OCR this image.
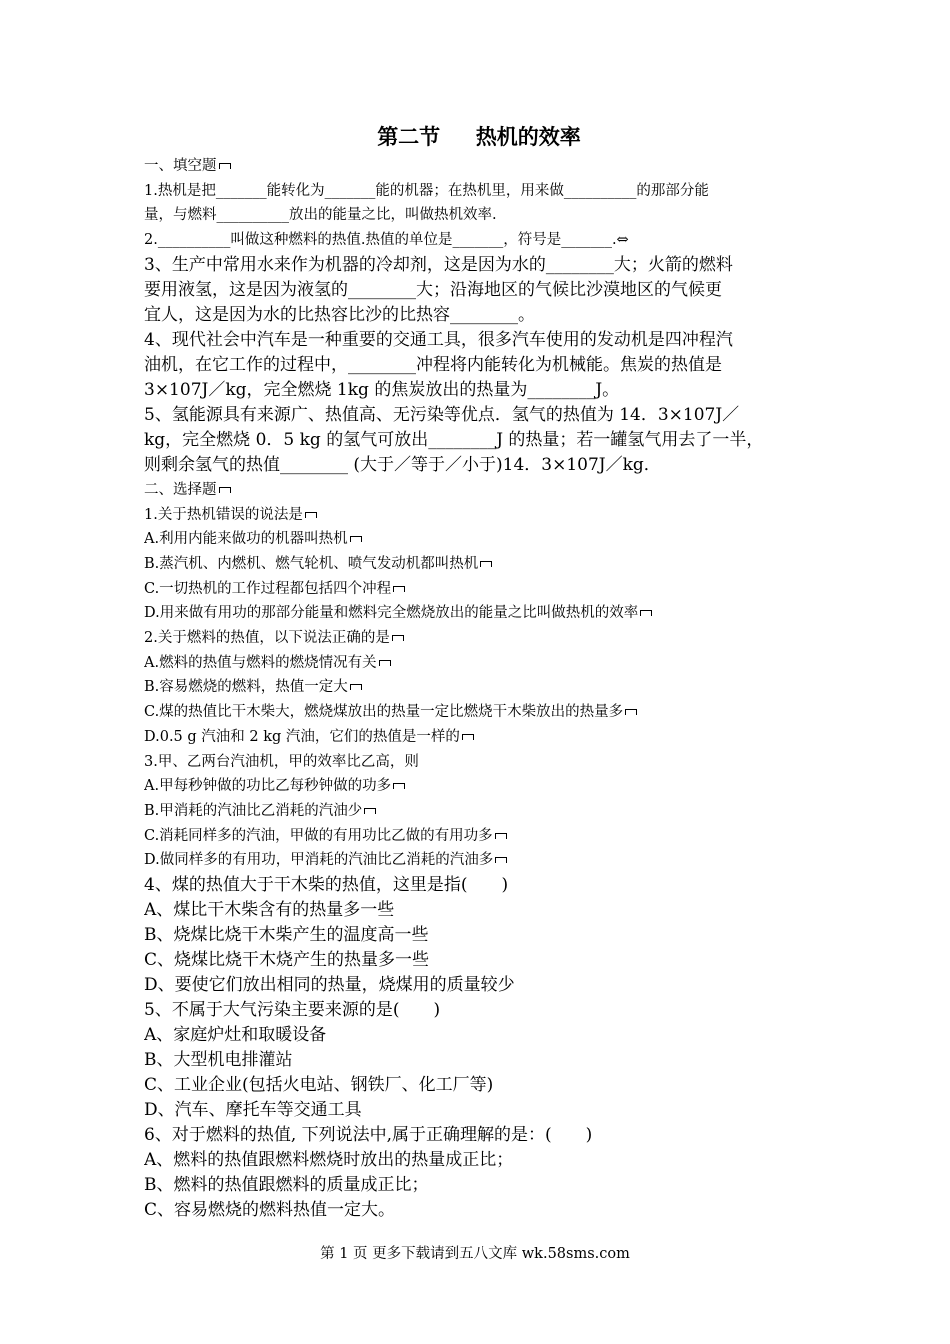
第二节　  热机的效率
一、填空题
1.热机是把_______能转化为_______能的机器；在热机里，用来做__________的那部分能
量，与燃料__________放出的能量之比，叫做热机效率.
2.__________叫做这种燃料的热值.热值的单位是_______，符号是_______.⇔
3、生产中常用水来作为机器的冷却剂，这是因为水的________大；火箭的燃料
要用液氢，这是因为液氢的________大；沿海地区的气候比沙漠地区的气候更
宜人，这是因为水的比热容比沙的比热容________。
4、现代社会中汽车是一种重要的交通工具，很多汽车使用的发动机是四冲程汽
油机，在它工作的过程中，________冲程将内能转化为机械能。焦炭的热值是
3×107J／kg，完全燃烧 1kg 的焦炭放出的热量为________J。
5、氢能源具有来源广、热值高、无污染等优点．氢气的热值为 14．3×107J／
kg，完全燃烧 0．5 kg 的氢气可放出________J 的热量；若一罐氢气用去了一半，
则剩余氢气的热值________ (大于／等于／小于)14．3×107J／kg．
二、选择题
1.关于热机错误的说法是
A.利用内能来做功的机器叫热机
B.蒸汽机、内燃机、燃气轮机、喷气发动机都叫热机
C.一切热机的工作过程都包括四个冲程
D.用来做有用功的那部分能量和燃料完全燃烧放出的能量之比叫做热机的效率
2.关于燃料的热值，以下说法正确的是
A.燃料的热值与燃料的燃烧情况有关
B.容易燃烧的燃料，热值一定大
C.煤的热值比干木柴大，燃烧煤放出的热量一定比燃烧干木柴放出的热量多
D.0.5 g 汽油和 2 kg 汽油，它们的热值是一样的
3.甲、乙两台汽油机，甲的效率比乙高，则
A.甲每秒钟做的功比乙每秒钟做的功多
B.甲消耗的汽油比乙消耗的汽油少
C.消耗同样多的汽油，甲做的有用功比乙做的有用功多
D.做同样多的有用功，甲消耗的汽油比乙消耗的汽油多
4、煤的热值大于干木柴的热值，这里是指(　　)
A、煤比干木柴含有的热量多一些
B、烧煤比烧干木柴产生的温度高一些
C、烧煤比烧干木烧产生的热量多一些
D、要使它们放出相同的热量，烧煤用的质量较少
5、不属于大气污染主要来源的是(　　)
A、家庭炉灶和取暖设备
B、大型机电排灌站
C、工业企业(包括火电站、钢铁厂、化工厂等)
D、汽车、摩托车等交通工具
6、对于燃料的热值, 下列说法中,属于正确理解的是：(　　)
A、燃料的热值跟燃料燃烧时放出的热量成正比；
B、燃料的热值跟燃料的质量成正比；
C、容易燃烧的燃料热值一定大。
第 1 页 更多下载请到五八文库 wk.58sms.com
